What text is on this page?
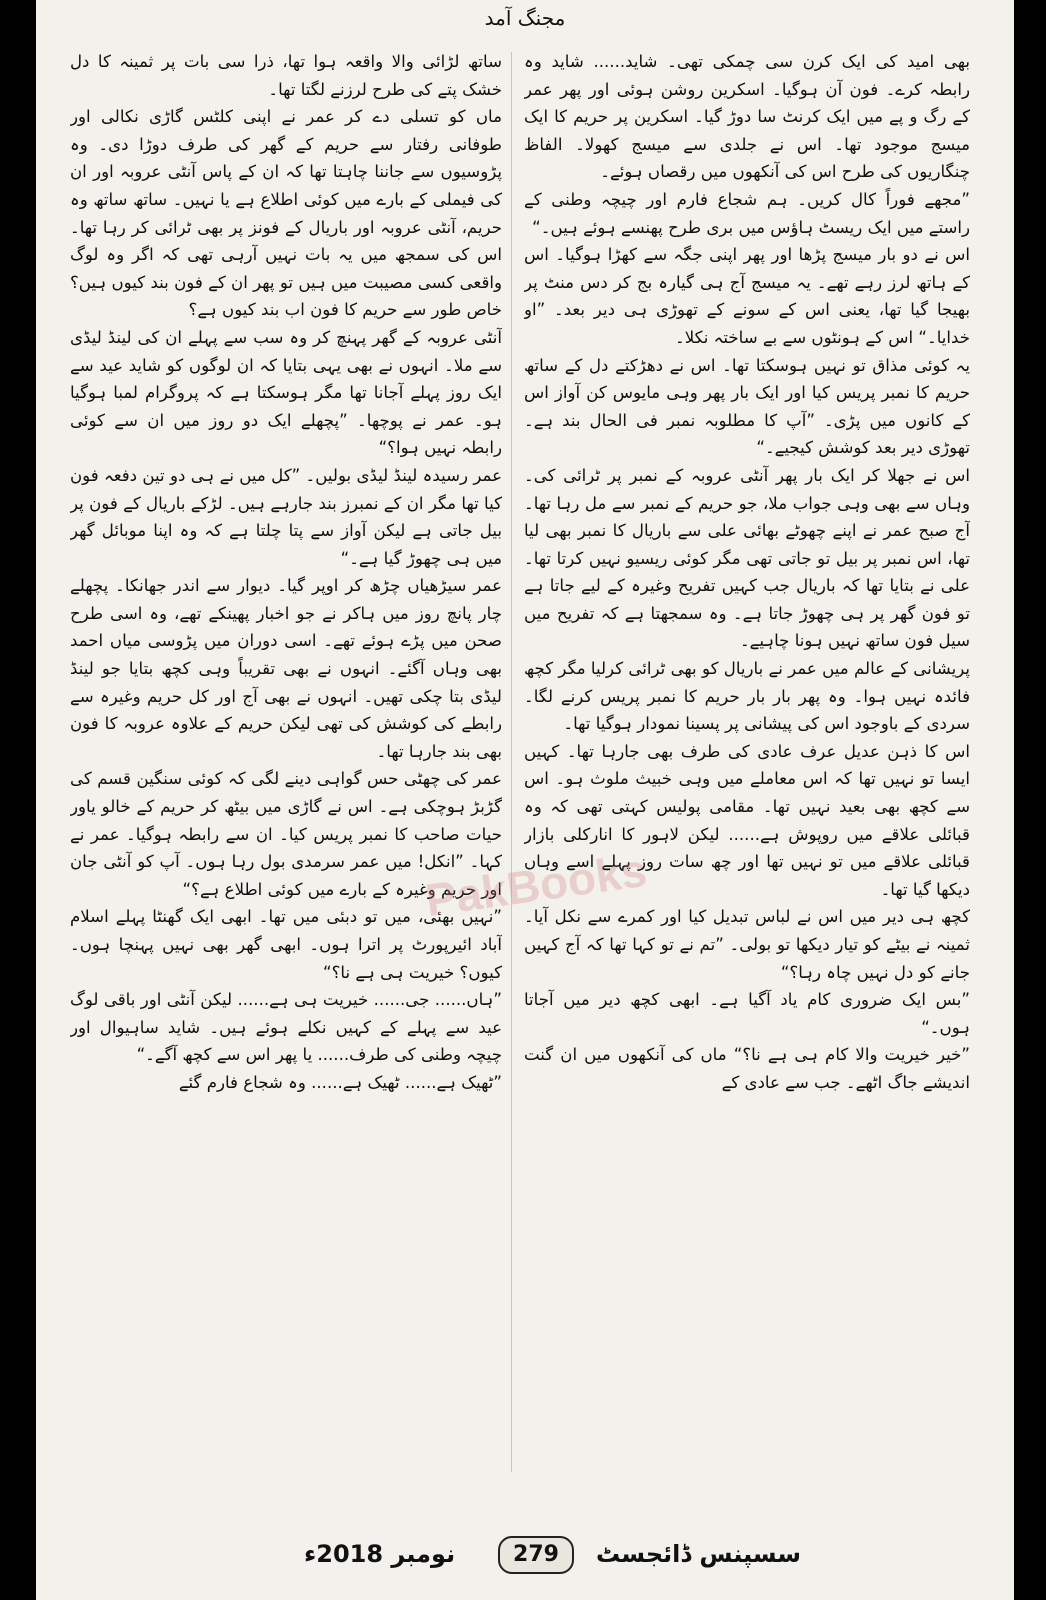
مجنگ آمد

بھی امید کی ایک کرن سی چمکی تھی۔ شاید...... شاید وہ رابطہ کرے۔ فون آن ہوگیا۔ اسکرین روشن ہوئی اور پھر عمر کے رگ و پے میں ایک کرنٹ سا دوڑ گیا۔ اسکرین پر حریم کا ایک میسج موجود تھا۔ اس نے جلدی سے میسج کھولا۔ الفاظ چنگاریوں کی طرح اس کی آنکھوں میں رقصاں ہوئے۔

”مجھے فوراً کال کریں۔ ہم شجاع فارم اور چیچہ وطنی کے راستے میں ایک ریسٹ ہاؤس میں بری طرح پھنسے ہوئے ہیں۔“

اس نے دو بار میسج پڑھا اور پھر اپنی جگہ سے کھڑا ہوگیا۔ اس کے ہاتھ لرز رہے تھے۔ یہ میسج آج ہی گیارہ بج کر دس منٹ پر بھیجا گیا تھا، یعنی اس کے سونے کے تھوڑی ہی دیر بعد۔ ”او خدایا۔“ اس کے ہونٹوں سے بے ساختہ نکلا۔

یہ کوئی مذاق تو نہیں ہوسکتا تھا۔ اس نے دھڑکتے دل کے ساتھ حریم کا نمبر پریس کیا اور ایک بار پھر وہی مایوس کن آواز اس کے کانوں میں پڑی۔ ”آپ کا مطلوبہ نمبر فی الحال بند ہے۔ تھوڑی دیر بعد کوشش کیجیے۔“

اس نے جھلا کر ایک بار پھر آنٹی عروبہ کے نمبر پر ٹرائی کی۔ وہاں سے بھی وہی جواب ملا، جو حریم کے نمبر سے مل رہا تھا۔ آج صبح عمر نے اپنے چھوٹے بھائی علی سے باریال کا نمبر بھی لیا تھا، اس نمبر پر بیل تو جاتی تھی مگر کوئی ریسیو نہیں کرتا تھا۔ علی نے بتایا تھا کہ باریال جب کہیں تفریح وغیرہ کے لیے جاتا ہے تو فون گھر پر ہی چھوڑ جاتا ہے۔ وہ سمجھتا ہے کہ تفریح میں سیل فون ساتھ نہیں ہونا چاہیے۔

پریشانی کے عالم میں عمر نے باریال کو بھی ٹرائی کرلیا مگر کچھ فائدہ نہیں ہوا۔ وہ پھر بار بار حریم کا نمبر پریس کرنے لگا۔ سردی کے باوجود اس کی پیشانی پر پسینا نمودار ہوگیا تھا۔

اس کا ذہن عدیل عرف عادی کی طرف بھی جارہا تھا۔ کہیں ایسا تو نہیں تھا کہ اس معاملے میں وہی خبیث ملوث ہو۔ اس سے کچھ بھی بعید نہیں تھا۔ مقامی پولیس کہتی تھی کہ وہ قبائلی علاقے میں روپوش ہے...... لیکن لاہور کا انارکلی بازار قبائلی علاقے میں تو نہیں تھا اور چھ سات روز پہلے اسے وہاں دیکھا گیا تھا۔

کچھ ہی دیر میں اس نے لباس تبدیل کیا اور کمرے سے نکل آیا۔ ثمینہ نے بیٹے کو تیار دیکھا تو بولی۔ ”تم نے تو کہا تھا کہ آج کہیں جانے کو دل نہیں چاہ رہا؟“

”بس ایک ضروری کام یاد آگیا ہے۔ ابھی کچھ دیر میں آجاتا ہوں۔“

”خیر خیریت والا کام ہی ہے نا؟“ ماں کی آنکھوں میں ان گنت اندیشے جاگ اٹھے۔ جب سے عادی کے

ساتھ لڑائی والا واقعہ ہوا تھا، ذرا سی بات پر ثمینہ کا دل خشک پتے کی طرح لرزنے لگتا تھا۔

ماں کو تسلی دے کر عمر نے اپنی کلٹس گاڑی نکالی اور طوفانی رفتار سے حریم کے گھر کی طرف دوڑا دی۔ وہ پڑوسیوں سے جاننا چاہتا تھا کہ ان کے پاس آنٹی عروبہ اور ان کی فیملی کے بارے میں کوئی اطلاع ہے یا نہیں۔ ساتھ ساتھ وہ حریم، آنٹی عروبہ اور باریال کے فونز پر بھی ٹرائی کر رہا تھا۔ اس کی سمجھ میں یہ بات نہیں آرہی تھی کہ اگر وہ لوگ واقعی کسی مصیبت میں ہیں تو پھر ان کے فون بند کیوں ہیں؟ خاص طور سے حریم کا فون اب بند کیوں ہے؟

آنٹی عروبہ کے گھر پہنچ کر وہ سب سے پہلے ان کی لینڈ لیڈی سے ملا۔ انہوں نے بھی یہی بتایا کہ ان لوگوں کو شاید عید سے ایک روز پہلے آجانا تھا مگر ہوسکتا ہے کہ پروگرام لمبا ہوگیا ہو۔ عمر نے پوچھا۔ ”پچھلے ایک دو روز میں ان سے کوئی رابطہ نہیں ہوا؟“

عمر رسیدہ لینڈ لیڈی بولیں۔ ”کل میں نے ہی دو تین دفعہ فون کیا تھا مگر ان کے نمبرز بند جارہے ہیں۔ لڑکے باریال کے فون پر بیل جاتی ہے لیکن آواز سے پتا چلتا ہے کہ وہ اپنا موبائل گھر میں ہی چھوڑ گیا ہے۔“

عمر سیڑھیاں چڑھ کر اوپر گیا۔ دیوار سے اندر جھانکا۔ پچھلے چار پانچ روز میں ہاکر نے جو اخبار پھینکے تھے، وہ اسی طرح صحن میں پڑے ہوئے تھے۔ اسی دوران میں پڑوسی میاں احمد بھی وہاں آگئے۔ انہوں نے بھی تقریباً وہی کچھ بتایا جو لینڈ لیڈی بتا چکی تھیں۔ انہوں نے بھی آج اور کل حریم وغیرہ سے رابطے کی کوشش کی تھی لیکن حریم کے علاوہ عروبہ کا فون بھی بند جارہا تھا۔

عمر کی چھٹی حس گواہی دینے لگی کہ کوئی سنگین قسم کی گڑبڑ ہوچکی ہے۔ اس نے گاڑی میں بیٹھ کر حریم کے خالو یاور حیات صاحب کا نمبر پریس کیا۔ ان سے رابطہ ہوگیا۔ عمر نے کہا۔ ”انکل! میں عمر سرمدی بول رہا ہوں۔ آپ کو آنٹی جان اور حریم وغیرہ کے بارے میں کوئی اطلاع ہے؟“

”نہیں بھئی، میں تو دبئی میں تھا۔ ابھی ایک گھنٹا پہلے اسلام آباد ائیرپورٹ پر اترا ہوں۔ ابھی گھر بھی نہیں پہنچا ہوں۔ کیوں؟ خیریت ہی ہے نا؟“

”ہاں...... جی...... خیریت ہی ہے...... لیکن آنٹی اور باقی لوگ عید سے پہلے کے کہیں نکلے ہوئے ہیں۔ شاید ساہیوال اور چیچہ وطنی کی طرف...... یا پھر اس سے کچھ آگے۔“

”ٹھیک ہے...... ٹھیک ہے...... وہ شجاع فارم گئے

PakBooks
نومبر 2018ء	279	سسپنس ڈائجسٹ
